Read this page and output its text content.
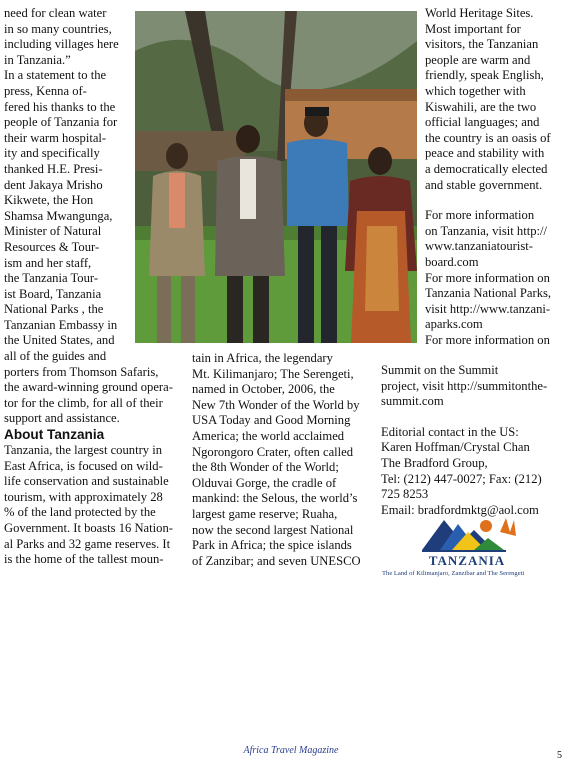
need for clean water
in so many countries,
including villages here
in Tanzania.”
In a statement to the
press, Kenna of-
fered his thanks to the
people of Tanzania for
their warm hospital-
ity and specifically
thanked H.E. Presi-
dent Jakaya Mrisho
Kikwete, the Hon
Shamsa Mwangunga,
Minister of Natural
Resources & Tour-
ism and her staff,
the Tanzania Tour-
ist Board, Tanzania
National Parks , the
Tanzanian Embassy in
the United States, and
all of the guides and
porters from Thomson Safaris,
the award-winning ground opera-
tor for the climb, for all of their
support and assistance.
About Tanzania
Tanzania, the largest country in
East Africa, is focused on wild-
life conservation and sustainable
tourism, with approximately 28
% of the land protected by the
Government. It boasts 16 Nation-
al Parks and 32 game reserves. It
is the home of the tallest moun-
tain in Africa, the legendary
Mt. Kilimanjaro; The Serengeti,
named in October, 2006, the
New 7th Wonder of the World by
USA Today and Good Morning
America; the world acclaimed
Ngorongoro Crater, often called
the 8th Wonder of the World;
Olduvai Gorge, the cradle of
mankind: the Selous, the world’s
largest game reserve; Ruaha,
now the second largest National
Park in Africa; the spice islands
of Zanzibar; and seven UNESCO
World Heritage Sites.
Most important for
visitors, the Tanzanian
people are warm and
friendly, speak English,
which together with
Kiswahili, are the two
official languages; and
the country is an oasis of
peace and stability with
a democratically elected
and stable government.
For more information
on Tanzania, visit http://
www.tanzaniatourist-
board.com
For more information on
Tanzania National Parks,
visit http://www.tanzani-
aparks.com
For more information on
Summit on the Summit
project, visit http://summitonthe-
summit.com
Editorial contact in the US:
Karen Hoffman/Crystal Chan
The Bradford Group,
Tel: (212) 447-0027; Fax: (212)
725 8253
Email: bradfordmktg@aol.com
TANZANIA
The Land of Kilimanjaro, Zanzibar and The Serengeti
Africa Travel Magazine	5
